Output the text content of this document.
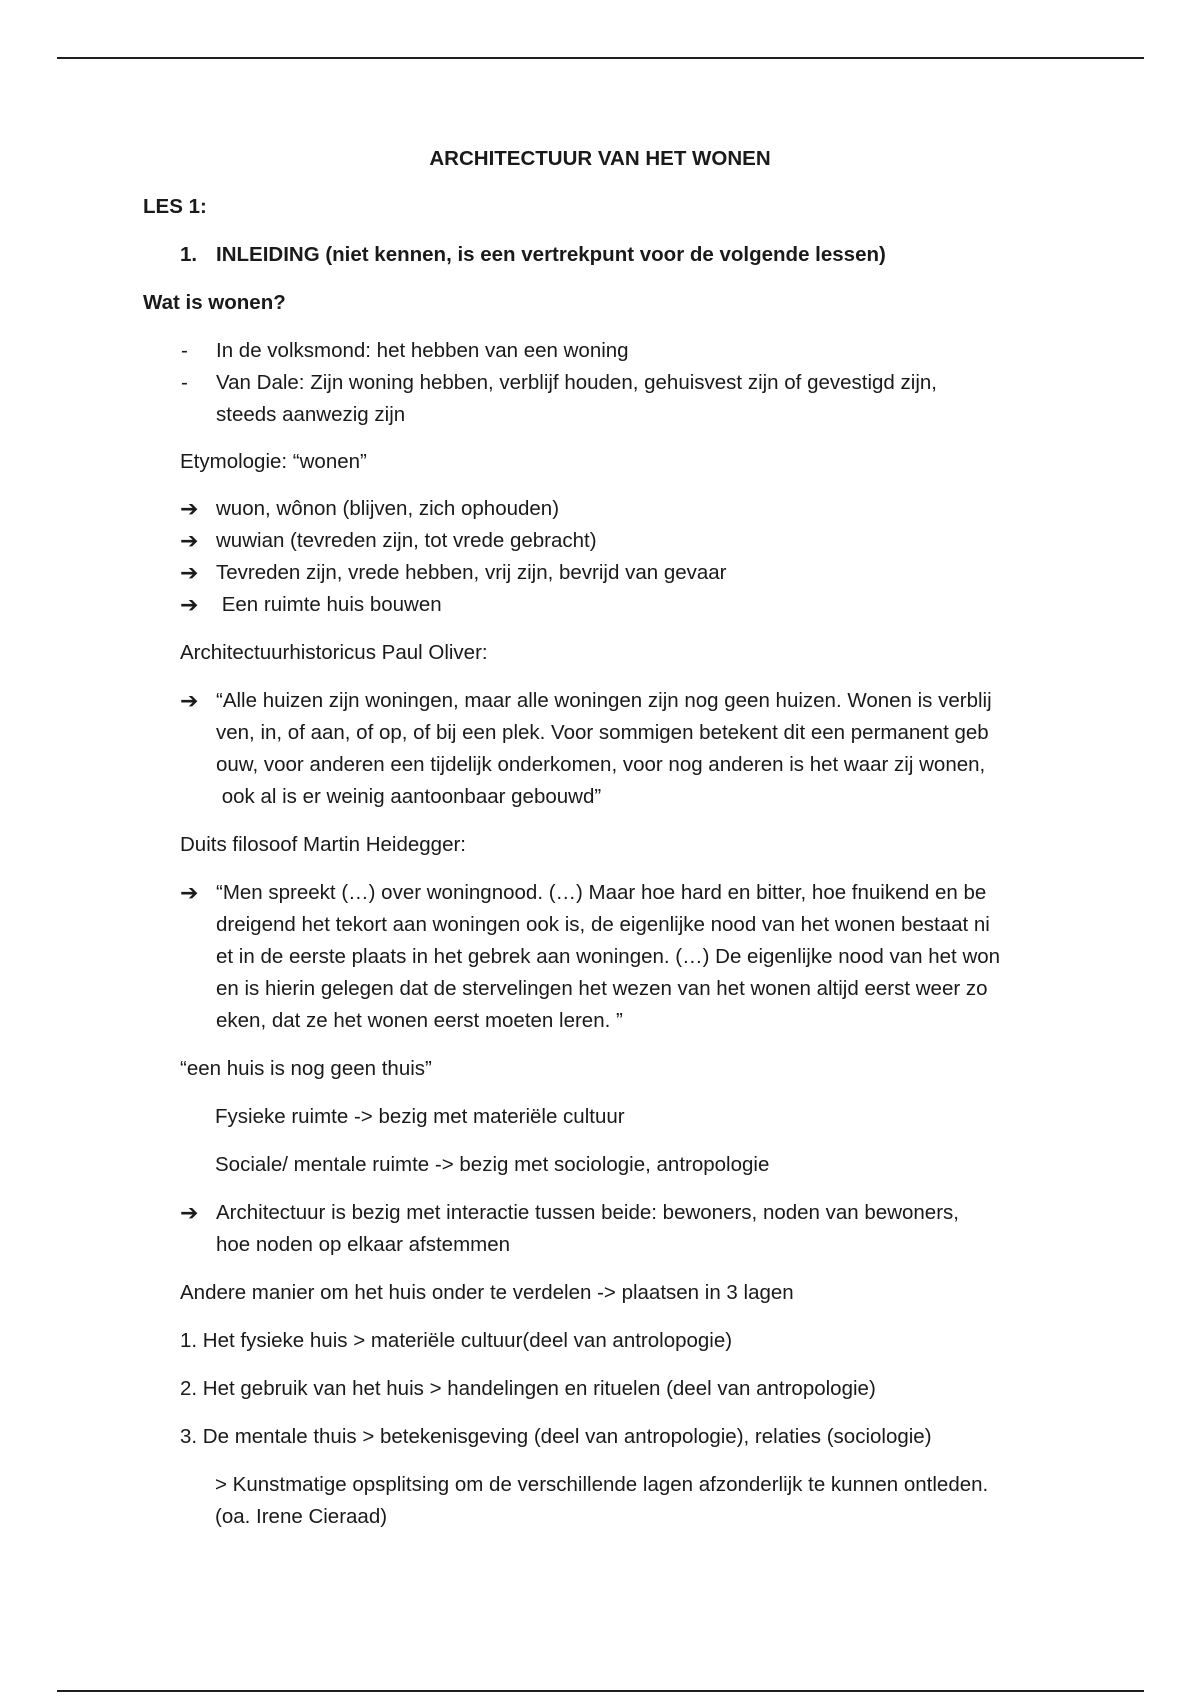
ARCHITECTUUR VAN HET WONEN
LES 1:
1. INLEIDING (niet kennen, is een vertrekpunt voor de volgende lessen)
Wat is wonen?
- In de volksmond: het hebben van een woning
- Van Dale: Zijn woning hebben, verblijf houden, gehuisvest zijn of gevestigd zijn,
steeds aanwezig zijn
Etymologie: “wonen”
➔ wuon, wônon (blijven, zich ophouden)
➔ wuwian (tevreden zijn, tot vrede gebracht)
➔ Tevreden zijn, vrede hebben, vrij zijn, bevrijd van gevaar
➔ Een ruimte huis bouwen
Architectuurhistoricus Paul Oliver:
➔ “Alle huizen zijn woningen, maar alle woningen zijn nog geen huizen. Wonen is verblij
ven, in, of aan, of op, of bij een plek. Voor sommigen betekent dit een permanent geb
ouw, voor anderen een tijdelijk onderkomen, voor nog anderen is het waar zij wonen,
ook al is er weinig aantoonbaar gebouwd”
Duits filosoof Martin Heidegger:
➔ “Men spreekt (…) over woningnood. (…) Maar hoe hard en bitter, hoe fnuikend en be
dreigend het tekort aan woningen ook is, de eigenlijke nood van het wonen bestaat ni
et in de eerste plaats in het gebrek aan woningen. (…) De eigenlijke nood van het won
en is hierin gelegen dat de stervelingen het wezen van het wonen altijd eerst weer zo
eken, dat ze het wonen eerst moeten leren. ”
“een huis is nog geen thuis”
Fysieke ruimte -> bezig met materiële cultuur
Sociale/ mentale ruimte -> bezig met sociologie, antropologie
➔ Architectuur is bezig met interactie tussen beide: bewoners, noden van bewoners,
hoe noden op elkaar afstemmen
Andere manier om het huis onder te verdelen -> plaatsen in 3 lagen
1. Het fysieke huis > materiële cultuur(deel van antrolopogie)
2. Het gebruik van het huis > handelingen en rituelen (deel van antropologie)
3. De mentale thuis > betekenisgeving (deel van antropologie), relaties (sociologie)
> Kunstmatige opsplitsing om de verschillende lagen afzonderlijk te kunnen ontleden.
(oa. Irene Cieraad)
